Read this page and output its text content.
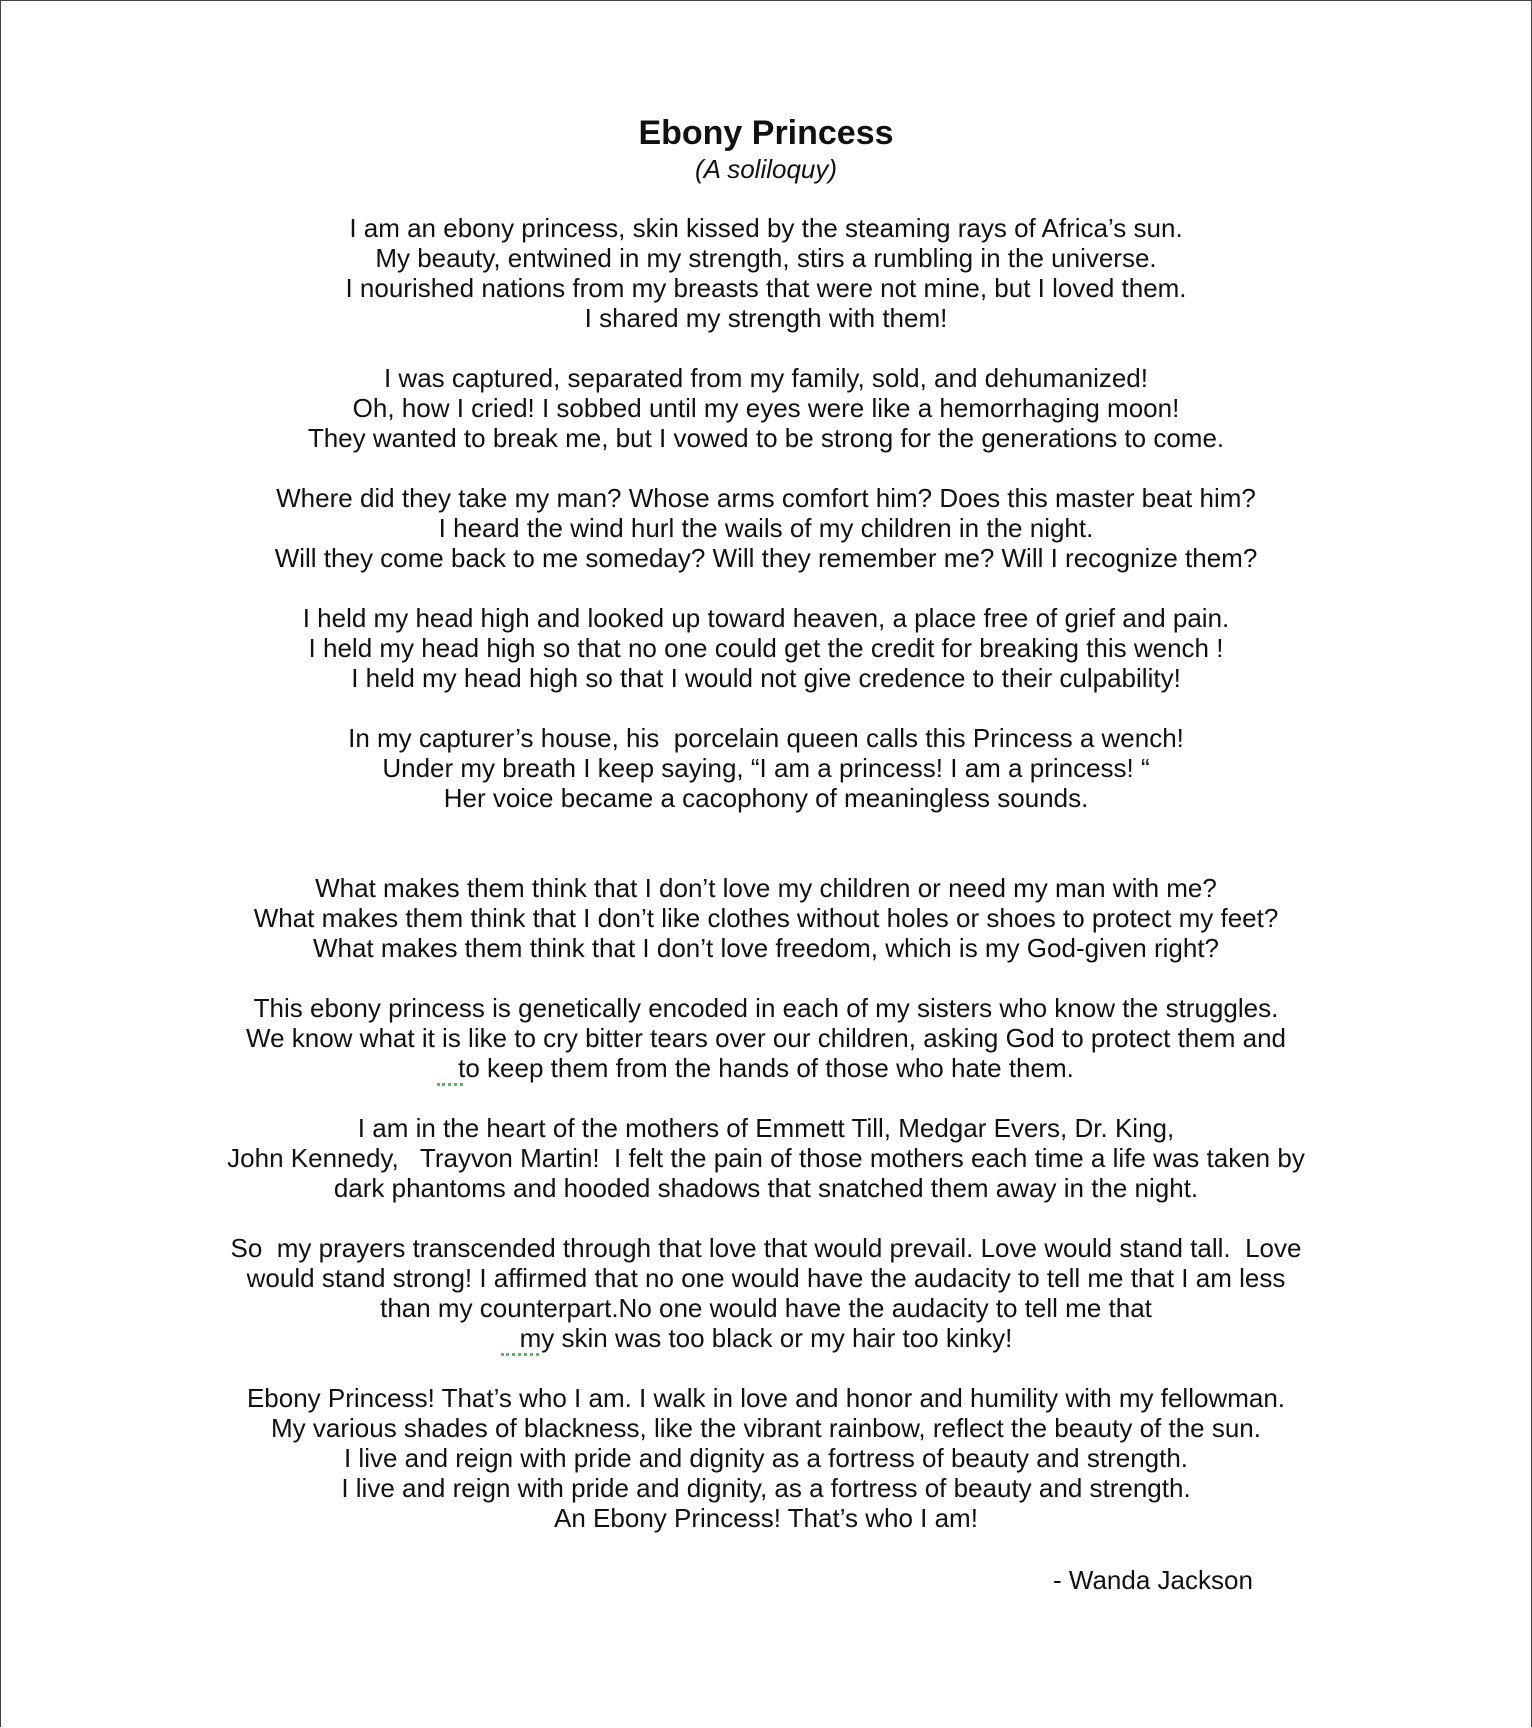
Ebony Princess
(A soliloquy)
I am an ebony princess, skin kissed by the steaming rays of Africa’s sun.
My beauty, entwined in my strength, stirs a rumbling in the universe.
I nourished nations from my breasts that were not mine, but I loved them.
I shared my strength with them!
I was captured, separated from my family, sold, and dehumanized!
Oh, how I cried! I sobbed until my eyes were like a hemorrhaging moon!
They wanted to break me, but I vowed to be strong for the generations to come.
Where did they take my man? Whose arms comfort him? Does this master beat him?
I heard the wind hurl the wails of my children in the night.
Will they come back to me someday? Will they remember me? Will I recognize them?
I held my head high and looked up toward heaven, a place free of grief and pain.
I held my head high so that no one could get the credit for breaking this wench !
I held my head high so that I would not give credence to their culpability!
In my capturer’s house, his  porcelain queen calls this Princess a wench!
Under my breath I keep saying, “I am a princess! I am a princess! “
Her voice became a cacophony of meaningless sounds.
What makes them think that I don’t love my children or need my man with me?
What makes them think that I don’t like clothes without holes or shoes to protect my feet?
What makes them think that I don’t love freedom, which is my God-given right?
This ebony princess is genetically encoded in each of my sisters who know the struggles.
We know what it is like to cry bitter tears over our children, asking God to protect them and
to keep them from the hands of those who hate them.
I am in the heart of the mothers of Emmett Till, Medgar Evers, Dr. King,
John Kennedy,   Trayvon Martin!  I felt the pain of those mothers each time a life was taken by
dark phantoms and hooded shadows that snatched them away in the night.
So  my prayers transcended through that love that would prevail. Love would stand tall.  Love
would stand strong! I affirmed that no one would have the audacity to tell me that I am less
than my counterpart.No one would have the audacity to tell me that
my skin was too black or my hair too kinky!
Ebony Princess! That’s who I am. I walk in love and honor and humility with my fellowman.
My various shades of blackness, like the vibrant rainbow, reflect the beauty of the sun.
I live and reign with pride and dignity as a fortress of beauty and strength.
I live and reign with pride and dignity, as a fortress of beauty and strength.
An Ebony Princess! That’s who I am!
- Wanda Jackson
